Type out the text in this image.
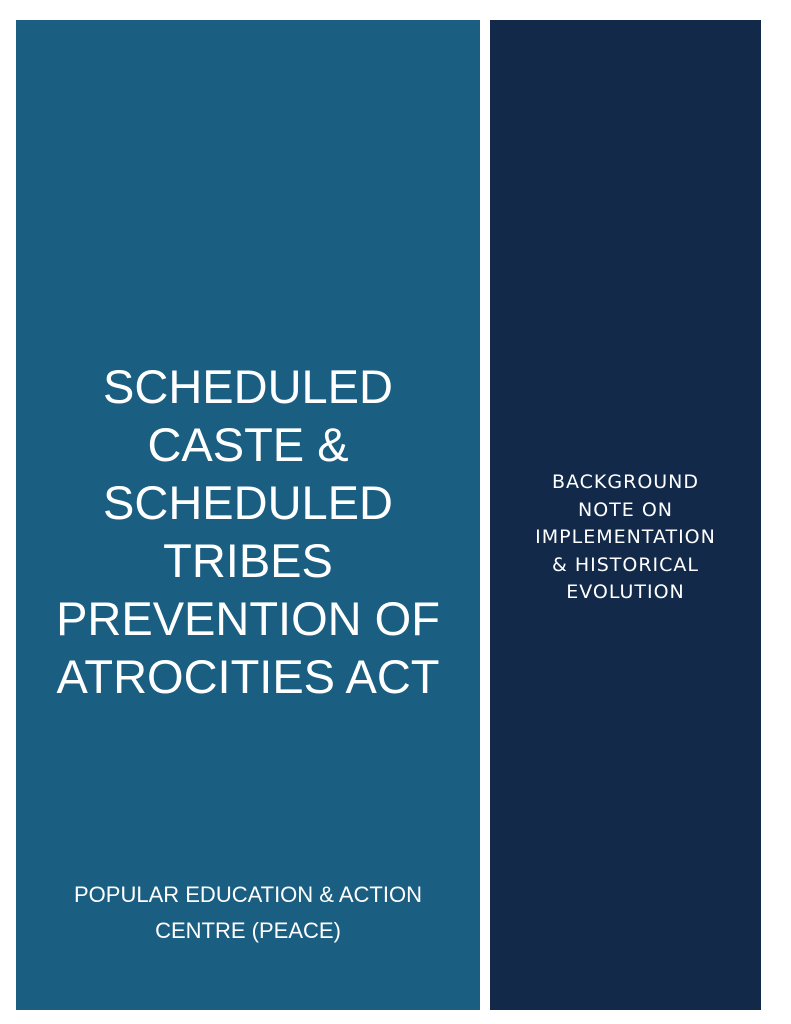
SCHEDULED
CASTE &
SCHEDULED
TRIBES
PREVENTION OF
ATROCITIES ACT
POPULAR EDUCATION & ACTION
CENTRE (PEACE)
BACKGROUND
NOTE ON
IMPLEMENTATION
& HISTORICAL
EVOLUTION
